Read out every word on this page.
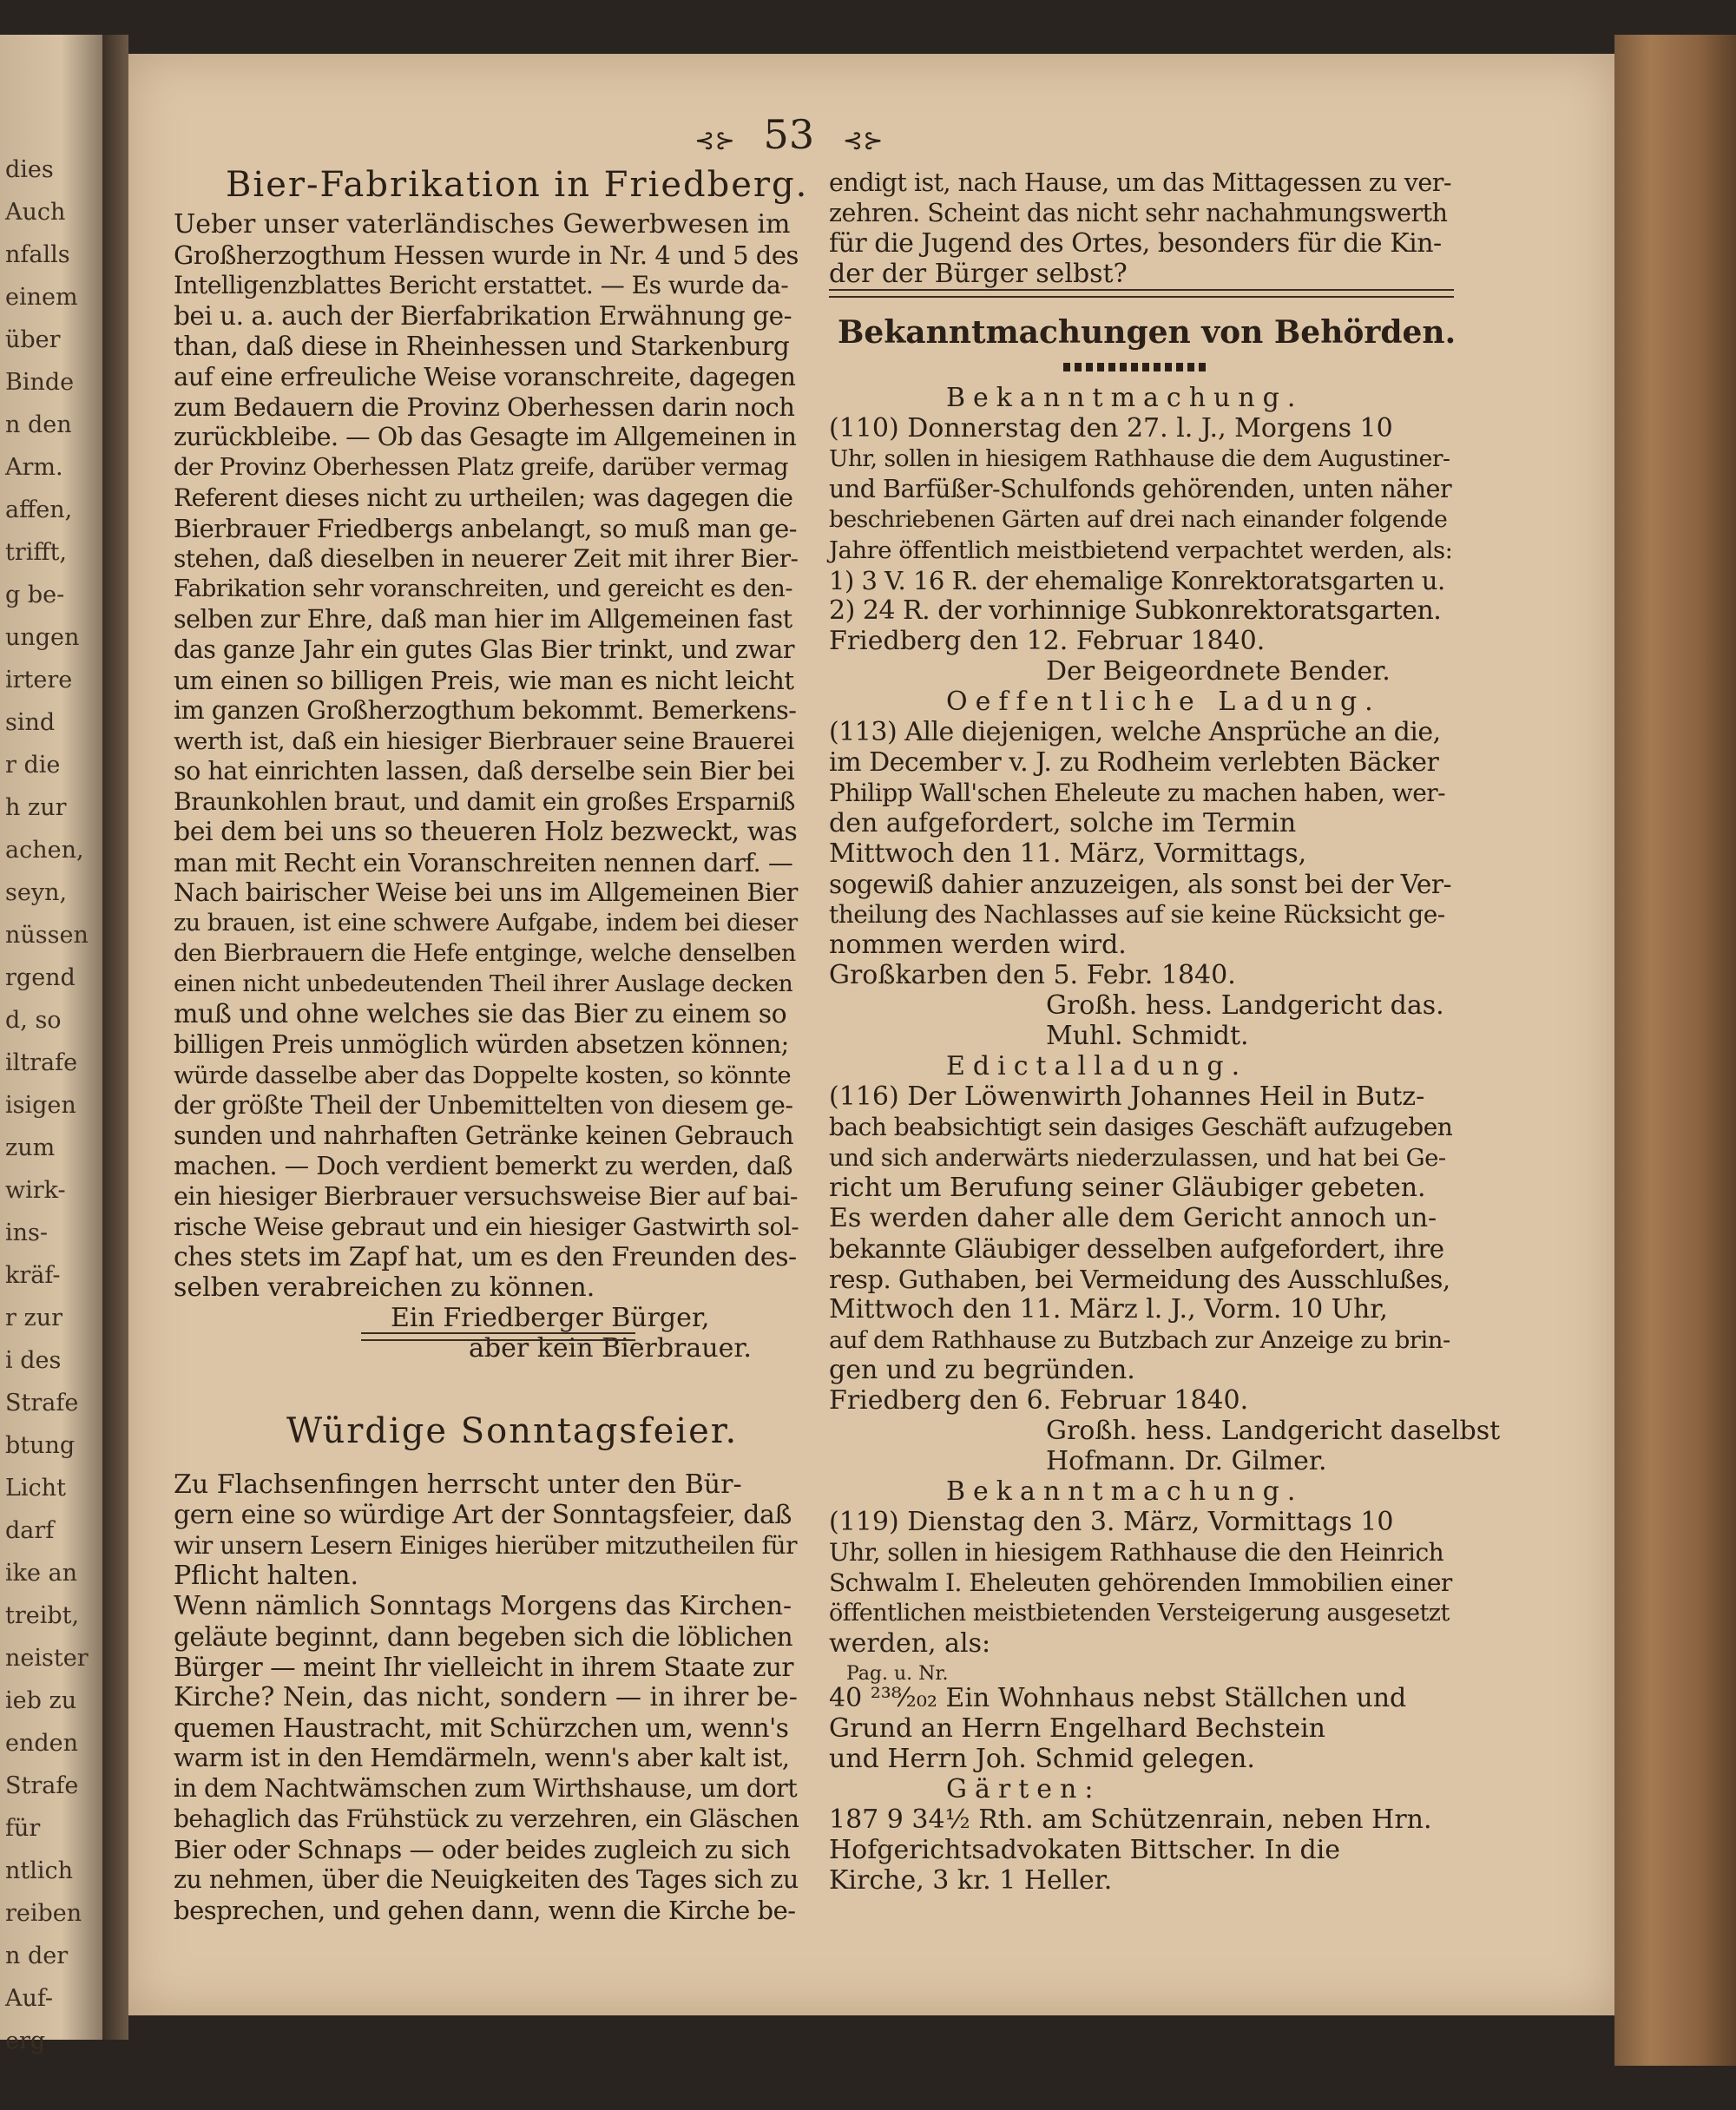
dies
Auch
nfalls
einem
über
Binde
n den
Arm.
affen,
trifft,
g be-
ungen
irtere
sind
r die
h zur
achen,
seyn,
nüssen
rgend
d, so
iltrafe
isigen
zum
wirk-
ins-
kräf-
r zur
i des
Strafe
btung
Licht
darf
ike an
treibt,
neister
ieb zu
enden
Strafe
für
ntlich
reiben
n der
Auf-
erg
⊰⊱ 53 ⊰⊱
Bier-Fabrikation in Friedberg.
Ueber unser vaterländisches Gewerbwesen im
Großherzogthum Hessen wurde in Nr. 4 und 5 des
Intelligenzblattes Bericht erstattet. — Es wurde da-
bei u. a. auch der Bierfabrikation Erwähnung ge-
than, daß diese in Rheinhessen und Starkenburg
auf eine erfreuliche Weise voranschreite, dagegen
zum Bedauern die Provinz Oberhessen darin noch
zurückbleibe. — Ob das Gesagte im Allgemeinen in
der Provinz Oberhessen Platz greife, darüber vermag
Referent dieses nicht zu urtheilen; was dagegen die
Bierbrauer Friedbergs anbelangt, so muß man ge-
stehen, daß dieselben in neuerer Zeit mit ihrer Bier-
Fabrikation sehr voranschreiten, und gereicht es den-
selben zur Ehre, daß man hier im Allgemeinen fast
das ganze Jahr ein gutes Glas Bier trinkt, und zwar
um einen so billigen Preis, wie man es nicht leicht
im ganzen Großherzogthum bekommt. Bemerkens-
werth ist, daß ein hiesiger Bierbrauer seine Brauerei
so hat einrichten lassen, daß derselbe sein Bier bei
Braunkohlen braut, und damit ein großes Ersparniß
bei dem bei uns so theueren Holz bezweckt, was
man mit Recht ein Voranschreiten nennen darf. —
Nach bairischer Weise bei uns im Allgemeinen Bier
zu brauen, ist eine schwere Aufgabe, indem bei dieser
den Bierbrauern die Hefe entginge, welche denselben
einen nicht unbedeutenden Theil ihrer Auslage decken
muß und ohne welches sie das Bier zu einem so
billigen Preis unmöglich würden absetzen können;
würde dasselbe aber das Doppelte kosten, so könnte
der größte Theil der Unbemittelten von diesem ge-
sunden und nahrhaften Getränke keinen Gebrauch
machen. — Doch verdient bemerkt zu werden, daß
ein hiesiger Bierbrauer versuchsweise Bier auf bai-
rische Weise gebraut und ein hiesiger Gastwirth sol-
ches stets im Zapf hat, um es den Freunden des-
selben verabreichen zu können.
Ein Friedberger Bürger,
aber kein Bierbrauer.
Würdige Sonntagsfeier.
Zu Flachsenfingen herrscht unter den Bür-
gern eine so würdige Art der Sonntagsfeier, daß
wir unsern Lesern Einiges hierüber mitzutheilen für
Pflicht halten.
Wenn nämlich Sonntags Morgens das Kirchen-
geläute beginnt, dann begeben sich die löblichen
Bürger — meint Ihr vielleicht in ihrem Staate zur
Kirche? Nein, das nicht, sondern — in ihrer be-
quemen Haustracht, mit Schürzchen um, wenn's
warm ist in den Hemdärmeln, wenn's aber kalt ist,
in dem Nachtwämschen zum Wirthshause, um dort
behaglich das Frühstück zu verzehren, ein Gläschen
Bier oder Schnaps — oder beides zugleich zu sich
zu nehmen, über die Neuigkeiten des Tages sich zu
besprechen, und gehen dann, wenn die Kirche be-
endigt ist, nach Hause, um das Mittagessen zu ver-
zehren. Scheint das nicht sehr nachahmungswerth
für die Jugend des Ortes, besonders für die Kin-
der der Bürger selbst?
Bekanntmachungen von Behörden.
Bekanntmachung.
(110) Donnerstag den 27. l. J., Morgens 10
Uhr, sollen in hiesigem Rathhause die dem Augustiner-
und Barfüßer-Schulfonds gehörenden, unten näher
beschriebenen Gärten auf drei nach einander folgende
Jahre öffentlich meistbietend verpachtet werden, als:
1) 3 V. 16 R. der ehemalige Konrektoratsgarten u.
2) 24 R. der vorhinnige Subkonrektoratsgarten.
Friedberg den 12. Februar 1840.
Der Beigeordnete Bender.
Oeffentliche Ladung.
(113) Alle diejenigen, welche Ansprüche an die,
im December v. J. zu Rodheim verlebten Bäcker
Philipp Wall'schen Eheleute zu machen haben, wer-
den aufgefordert, solche im Termin
Mittwoch den 11. März, Vormittags,
sogewiß dahier anzuzeigen, als sonst bei der Ver-
theilung des Nachlasses auf sie keine Rücksicht ge-
nommen werden wird.
Großkarben den 5. Febr. 1840.
Großh. hess. Landgericht das.
Muhl. Schmidt.
Edictalladung.
(116) Der Löwenwirth Johannes Heil in Butz-
bach beabsichtigt sein dasiges Geschäft aufzugeben
und sich anderwärts niederzulassen, und hat bei Ge-
richt um Berufung seiner Gläubiger gebeten.
Es werden daher alle dem Gericht annoch un-
bekannte Gläubiger desselben aufgefordert, ihre
resp. Guthaben, bei Vermeidung des Ausschlußes,
Mittwoch den 11. März l. J., Vorm. 10 Uhr,
auf dem Rathhause zu Butzbach zur Anzeige zu brin-
gen und zu begründen.
Friedberg den 6. Februar 1840.
Großh. hess. Landgericht daselbst
Hofmann. Dr. Gilmer.
Bekanntmachung.
(119) Dienstag den 3. März, Vormittags 10
Uhr, sollen in hiesigem Rathhause die den Heinrich
Schwalm I. Eheleuten gehörenden Immobilien einer
öffentlichen meistbietenden Versteigerung ausgesetzt
werden, als:
Pag. u. Nr.
40 ²³⁸⁄₂₀₂ Ein Wohnhaus nebst Ställchen und
Grund an Herrn Engelhard Bechstein
und Herrn Joh. Schmid gelegen.
Gärten:
187 9 34½ Rth. am Schützenrain, neben Hrn.
Hofgerichtsadvokaten Bittscher. In die
Kirche, 3 kr. 1 Heller.
